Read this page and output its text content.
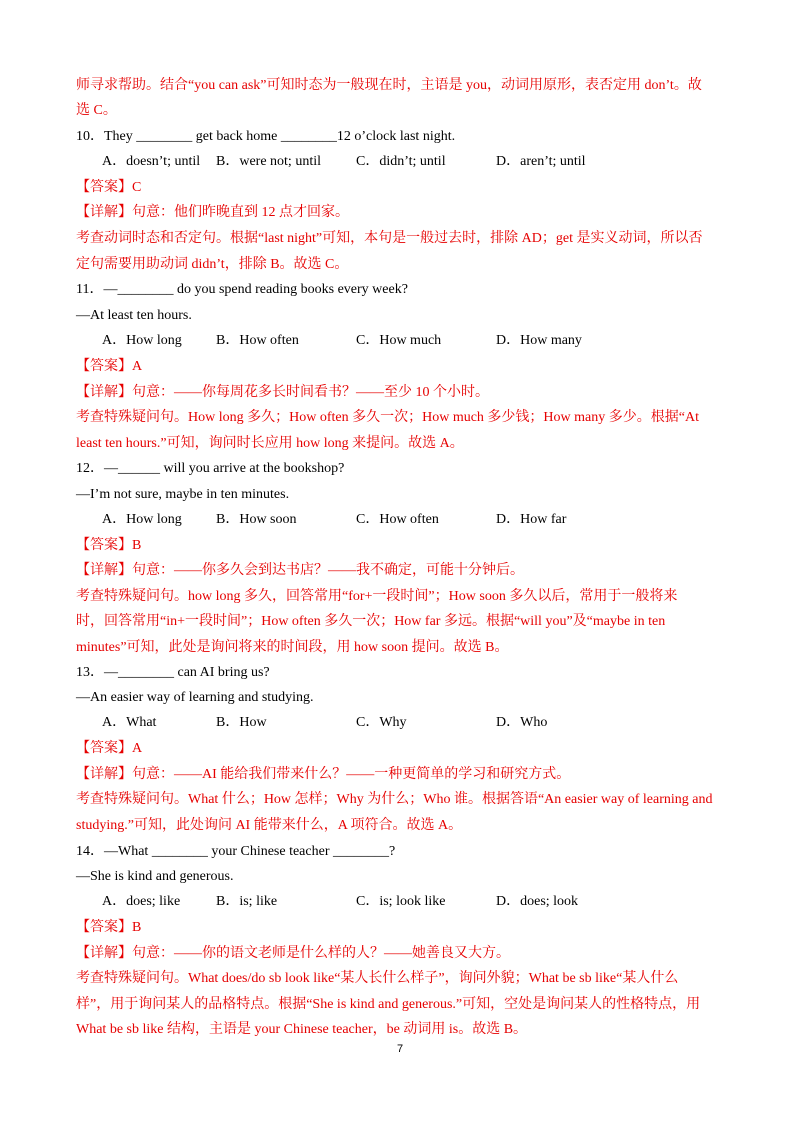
师寻求帮助。结合“you can ask”可知时态为一般现在时，主语是 you，动词用原形，表否定用 don’t。故
选 C。
10．They ________ get back home ________12 o’clock last night.
A．doesn’t; until B．were not; until	C．didn’t; until	D．aren’t; until
【答案】C
【详解】句意：他们昨晚直到 12 点才回家。
考查动词时态和否定句。根据“last night”可知，本句是一般过去时，排除 AD；get 是实义动词，所以否
定句需要用助动词 didn’t，排除 B。故选 C。
11．—________ do you spend reading books every week?
—At least ten hours.
A．How long B．How often	C．How much	D．How many
【答案】A
【详解】句意：——你每周花多长时间看书？——至少 10 个小时。
考查特殊疑问句。How long 多久；How often 多久一次；How much 多少钱；How many 多少。根据“At
least ten hours.”可知，询问时长应用 how long 来提问。故选 A。
12．—______ will you arrive at the bookshop?
—I’m not sure, maybe in ten minutes.
A．How long B．How soon	C．How often	D．How far
【答案】B
【详解】句意：——你多久会到达书店？——我不确定，可能十分钟后。
考查特殊疑问句。how long 多久，回答常用“for+一段时间”；How soon 多久以后，常用于一般将来
时，回答常用“in+一段时间”；How often 多久一次；How far 多远。根据“will you”及“maybe in ten
minutes”可知，此处是询问将来的时间段，用 how soon 提问。故选 B。
13．—________ can AI bring us?
—An easier way of learning and studying.
A．What	B．How	C．Why	D．Who
【答案】A
【详解】句意：——AI 能给我们带来什么？——一种更简单的学习和研究方式。
考查特殊疑问句。What 什么；How 怎样；Why 为什么；Who 谁。根据答语“An easier way of learning and
studying.”可知，此处询问 AI 能带来什么，A 项符合。故选 A。
14．—What ________ your Chinese teacher ________?
—She is kind and generous.
A．does; like	B．is; like	C．is; look like	D．does; look
【答案】B
【详解】句意：——你的语文老师是什么样的人？——她善良又大方。
考查特殊疑问句。What does/do sb look like“某人长什么样子”，询问外貌；What be sb like“某人什么
样”，用于询问某人的品格特点。根据“She is kind and generous.”可知，空处是询问某人的性格特点，用
What be sb like 结构，主语是 your Chinese teacher，be 动词用 is。故选 B。
7
